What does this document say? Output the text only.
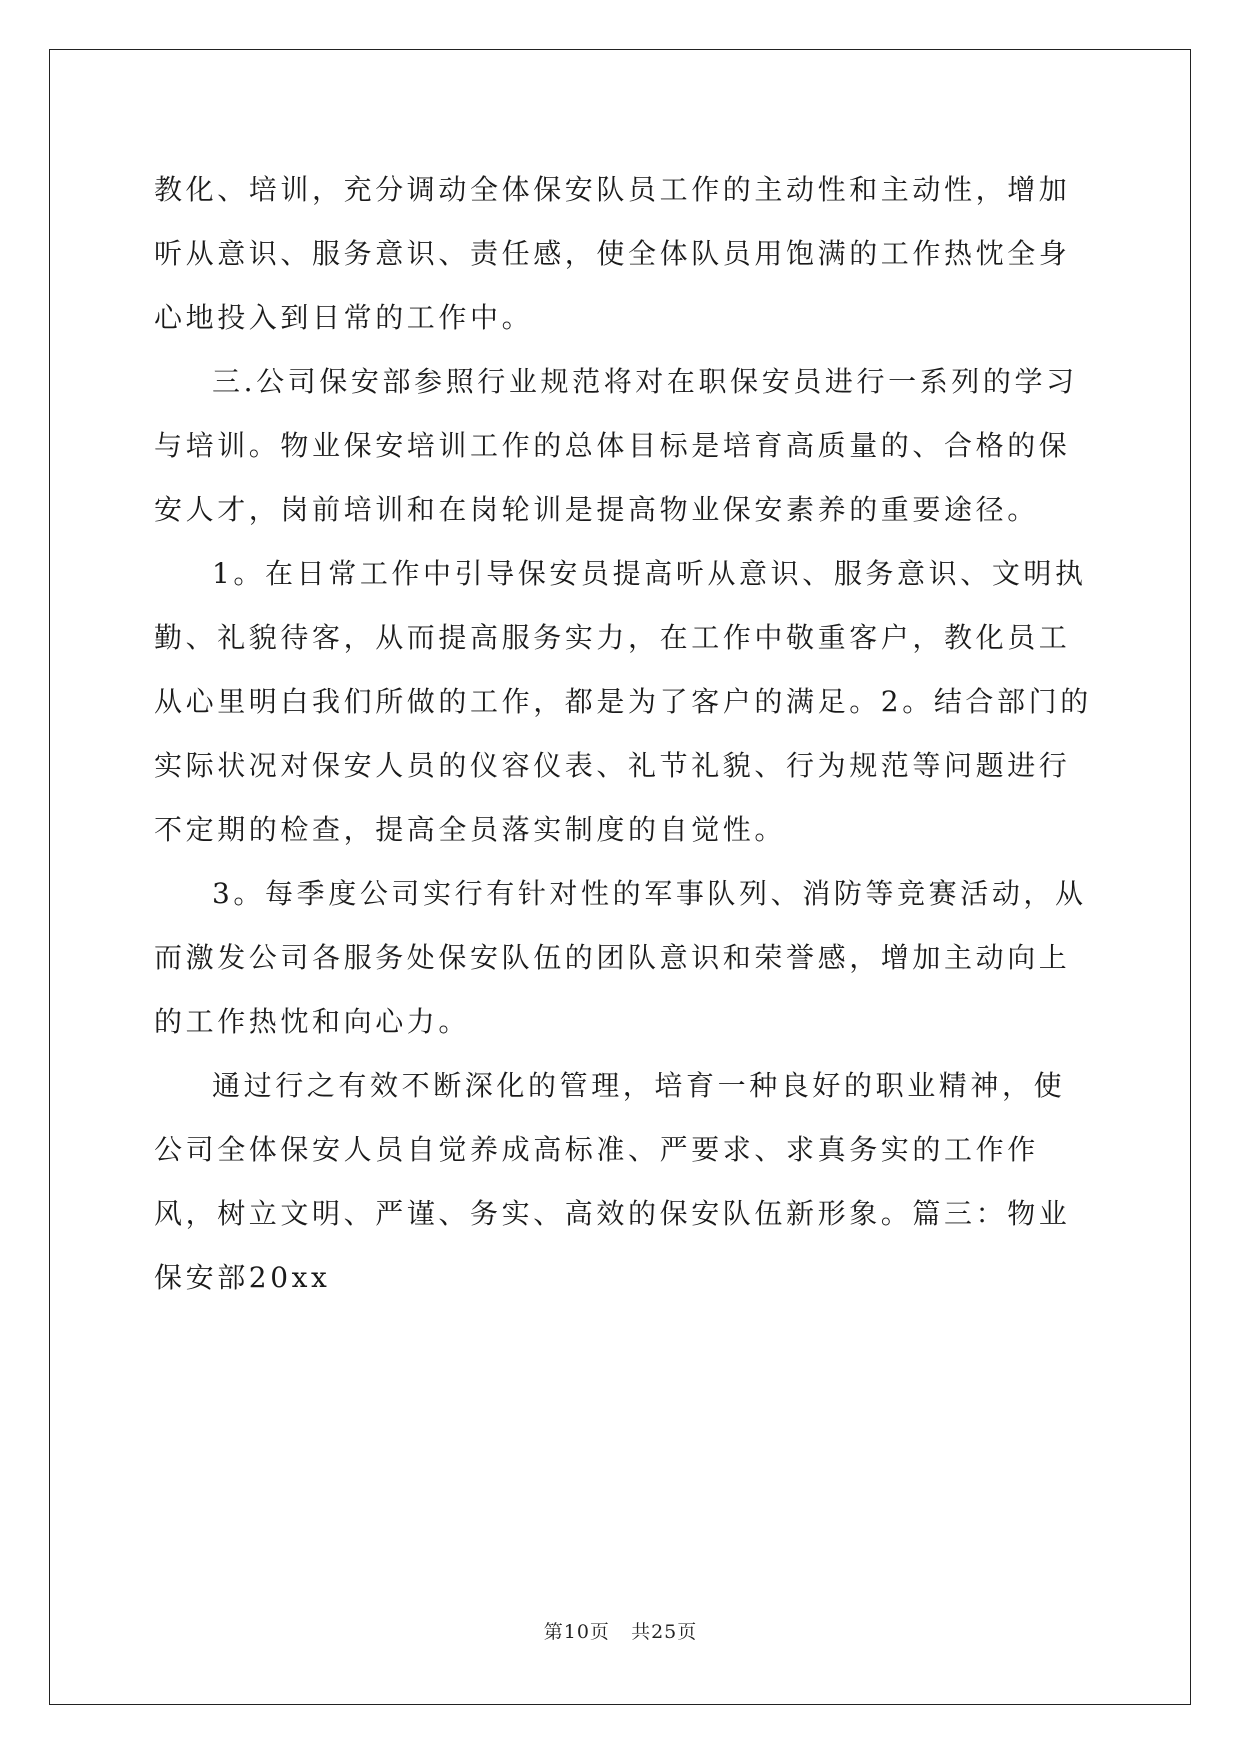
教化、培训，充分调动全体保安队员工作的主动性和主动性，增加听从意识、服务意识、责任感，使全体队员用饱满的工作热忱全身心地投入到日常的工作中。

三.公司保安部参照行业规范将对在职保安员进行一系列的学习与培训。物业保安培训工作的总体目标是培育高质量的、合格的保安人才，岗前培训和在岗轮训是提高物业保安素养的重要途径。

1。在日常工作中引导保安员提高听从意识、服务意识、文明执勤、礼貌待客，从而提高服务实力，在工作中敬重客户，教化员工从心里明白我们所做的工作，都是为了客户的满足。2。结合部门的实际状况对保安人员的仪容仪表、礼节礼貌、行为规范等问题进行不定期的检查，提高全员落实制度的自觉性。

3。每季度公司实行有针对性的军事队列、消防等竞赛活动，从而激发公司各服务处保安队伍的团队意识和荣誉感，增加主动向上的工作热忱和向心力。

通过行之有效不断深化的管理，培育一种良好的职业精神，使公司全体保安人员自觉养成高标准、严要求、求真务实的工作作风，树立文明、严谨、务实、高效的保安队伍新形象。篇三：物业保安部20xx

第10页 共25页
